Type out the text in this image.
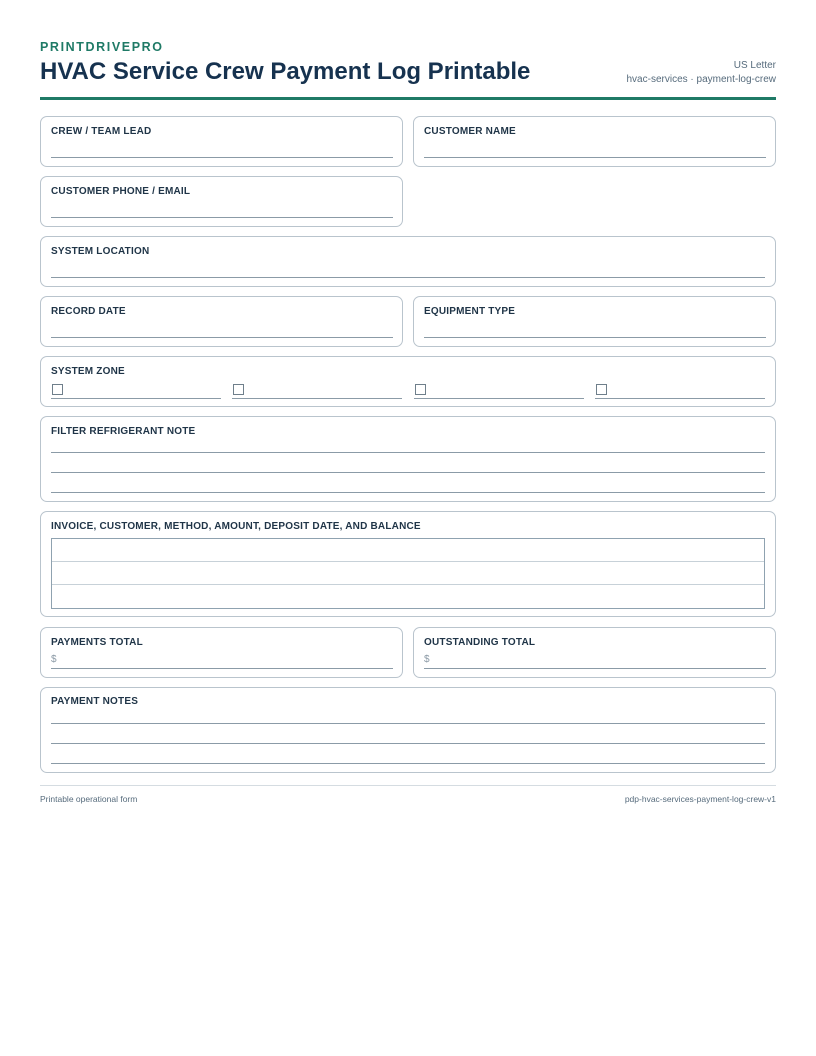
PRINTDRIVEPRO
HVAC Service Crew Payment Log Printable	US Letter
hvac-services · payment-log-crew
CREW / TEAM LEAD	CUSTOMER NAME
CUSTOMER PHONE / EMAIL
SYSTEM LOCATION
RECORD DATE	EQUIPMENT TYPE
SYSTEM ZONE
FILTER REFRIGERANT NOTE
INVOICE, CUSTOMER, METHOD, AMOUNT, DEPOSIT DATE, AND BALANCE
PAYMENTS TOTAL
$
OUTSTANDING TOTAL
$
PAYMENT NOTES
Printable operational form	pdp-hvac-services-payment-log-crew-v1
